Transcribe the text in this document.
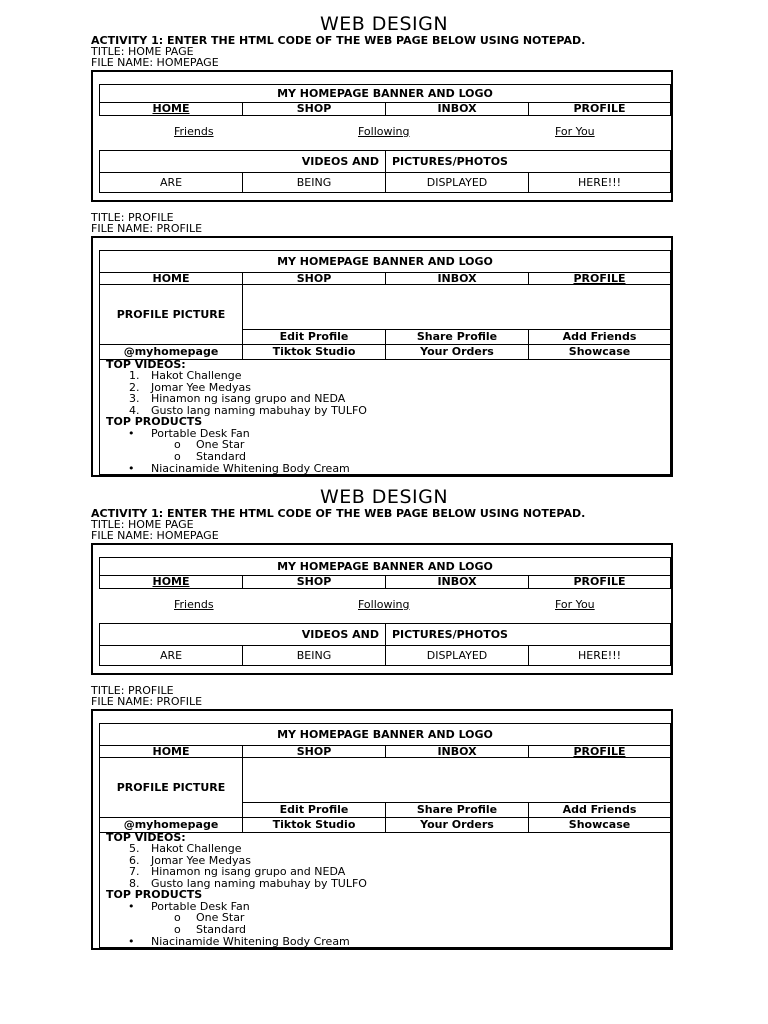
WEB DESIGN
ACTIVITY 1: ENTER THE HTML CODE OF THE WEB PAGE BELOW USING NOTEPAD.
TITLE: HOME PAGE
FILE NAME: HOMEPAGE
MY HOMEPAGE BANNER AND LOGO
HOME	SHOP	INBOX	PROFILE
Friends	Following	For You
VIDEOS AND PICTURES/PHOTOS
ARE	BEING	DISPLAYED	HERE!!!
TITLE: PROFILE
FILE NAME: PROFILE
MY HOMEPAGE BANNER AND LOGO
HOME	SHOP	INBOX	PROFILE
PROFILE PICTURE
Edit Profile	Share Profile	Add Friends
@myhomepage	Tiktok Studio	Your Orders	Showcase
TOP VIDEOS:
1. Hakot Challenge
2. Jomar Yee Medyas
3. Hinamon ng isang grupo and NEDA
4. Gusto lang naming mabuhay by TULFO
TOP PRODUCTS
• Portable Desk Fan
o One Star
o Standard
• Niacinamide Whitening Body Cream
WEB DESIGN
ACTIVITY 1: ENTER THE HTML CODE OF THE WEB PAGE BELOW USING NOTEPAD.
TITLE: HOME PAGE
FILE NAME: HOMEPAGE
MY HOMEPAGE BANNER AND LOGO
HOME	SHOP	INBOX	PROFILE
Friends	Following	For You
VIDEOS AND PICTURES/PHOTOS
ARE	BEING	DISPLAYED	HERE!!!
TITLE: PROFILE
FILE NAME: PROFILE
MY HOMEPAGE BANNER AND LOGO
HOME	SHOP	INBOX	PROFILE
PROFILE PICTURE
Edit Profile	Share Profile	Add Friends
@myhomepage	Tiktok Studio	Your Orders	Showcase
TOP VIDEOS:
5. Hakot Challenge
6. Jomar Yee Medyas
7. Hinamon ng isang grupo and NEDA
8. Gusto lang naming mabuhay by TULFO
TOP PRODUCTS
• Portable Desk Fan
o One Star
o Standard
• Niacinamide Whitening Body Cream
